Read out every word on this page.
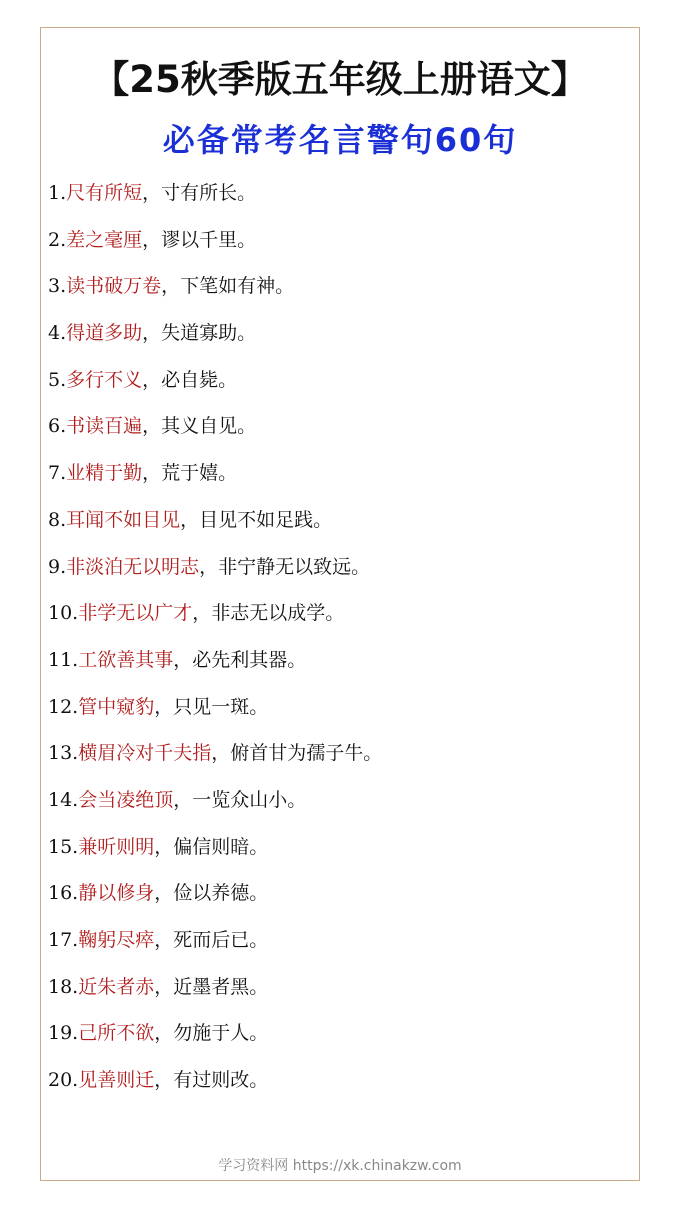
【25秋季版五年级上册语文】
必备常考名言警句60句
1.尺有所短，寸有所长。
2.差之毫厘，谬以千里。
3.读书破万卷，下笔如有神。
4.得道多助，失道寡助。
5.多行不义，必自毙。
6.书读百遍，其义自见。
7.业精于勤，荒于嬉。
8.耳闻不如目见，目见不如足践。
9.非淡泊无以明志，非宁静无以致远。
10.非学无以广才，非志无以成学。
11.工欲善其事，必先利其器。
12.管中窥豹，只见一斑。
13.横眉冷对千夫指，俯首甘为孺子牛。
14.会当凌绝顶，一览众山小。
15.兼听则明，偏信则暗。
16.静以修身，俭以养德。
17.鞠躬尽瘁，死而后已。
18.近朱者赤，近墨者黑。
19.己所不欲，勿施于人。
20.见善则迁，有过则改。
学习资料网 https://xk.chinakzw.com
